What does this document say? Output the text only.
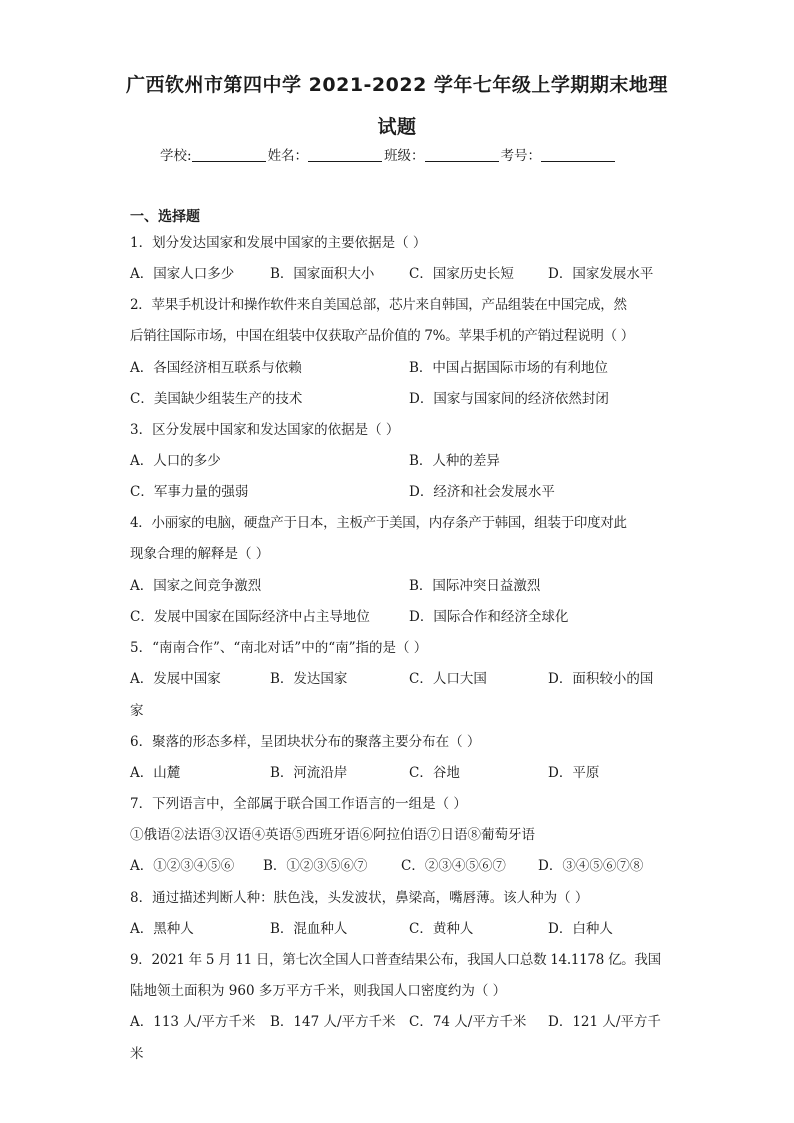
广西钦州市第四中学 2021-2022 学年七年级上学期期末地理
试题
学校:	姓名：	班级：	考号：
一、选择题
1．划分发达国家和发展中国家的主要依据是（ ）
A．国家人口多少	B．国家面积大小	C．国家历史长短	D．国家发展水平
2．苹果手机设计和操作软件来自美国总部，芯片来自韩国，产品组装在中国完成，然
后销往国际市场，中国在组装中仅获取产品价值的 7%。苹果手机的产销过程说明（ ）
A．各国经济相互联系与依赖	B．中国占据国际市场的有利地位
C．美国缺少组装生产的技术	D．国家与国家间的经济依然封闭
3．区分发展中国家和发达国家的依据是（ ）
A．人口的多少	B．人种的差异
C．军事力量的强弱	D．经济和社会发展水平
4．小丽家的电脑，硬盘产于日本，主板产于美国，内存条产于韩国，组装于印度对此
现象合理的解释是（ ）
A．国家之间竞争激烈	B．国际冲突日益激烈
C．发展中国家在国际经济中占主导地位	D．国际合作和经济全球化
5．“南南合作”、“南北对话”中的“南”指的是（ ）
A．发展中国家	B．发达国家	C．人口大国	D．面积较小的国
家
6．聚落的形态多样，呈团块状分布的聚落主要分布在（ ）
A．山麓	B．河流沿岸	C．谷地	D．平原
7．下列语言中，全部属于联合国工作语言的一组是（ ）
①俄语②法语③汉语④英语⑤西班牙语⑥阿拉伯语⑦日语⑧葡萄牙语
A．①②③④⑤⑥ B．①②③⑤⑥⑦ C．②③④⑤⑥⑦ D．③④⑤⑥⑦⑧
8．通过描述判断人种：肤色浅，头发波状，鼻梁高，嘴唇薄。该人种为（ ）
A．黑种人	B．混血种人	C．黄种人	D．白种人
9．2021 年 5 月 11 日，第七次全国人口普查结果公布，我国人口总数 14.1178 亿。我国
陆地领土面积为 960 多万平方千米，则我国人口密度约为（ ）
A．113 人/平方千米 B．147 人/平方千米 C．74 人/平方千米 D．121 人/平方千
米
